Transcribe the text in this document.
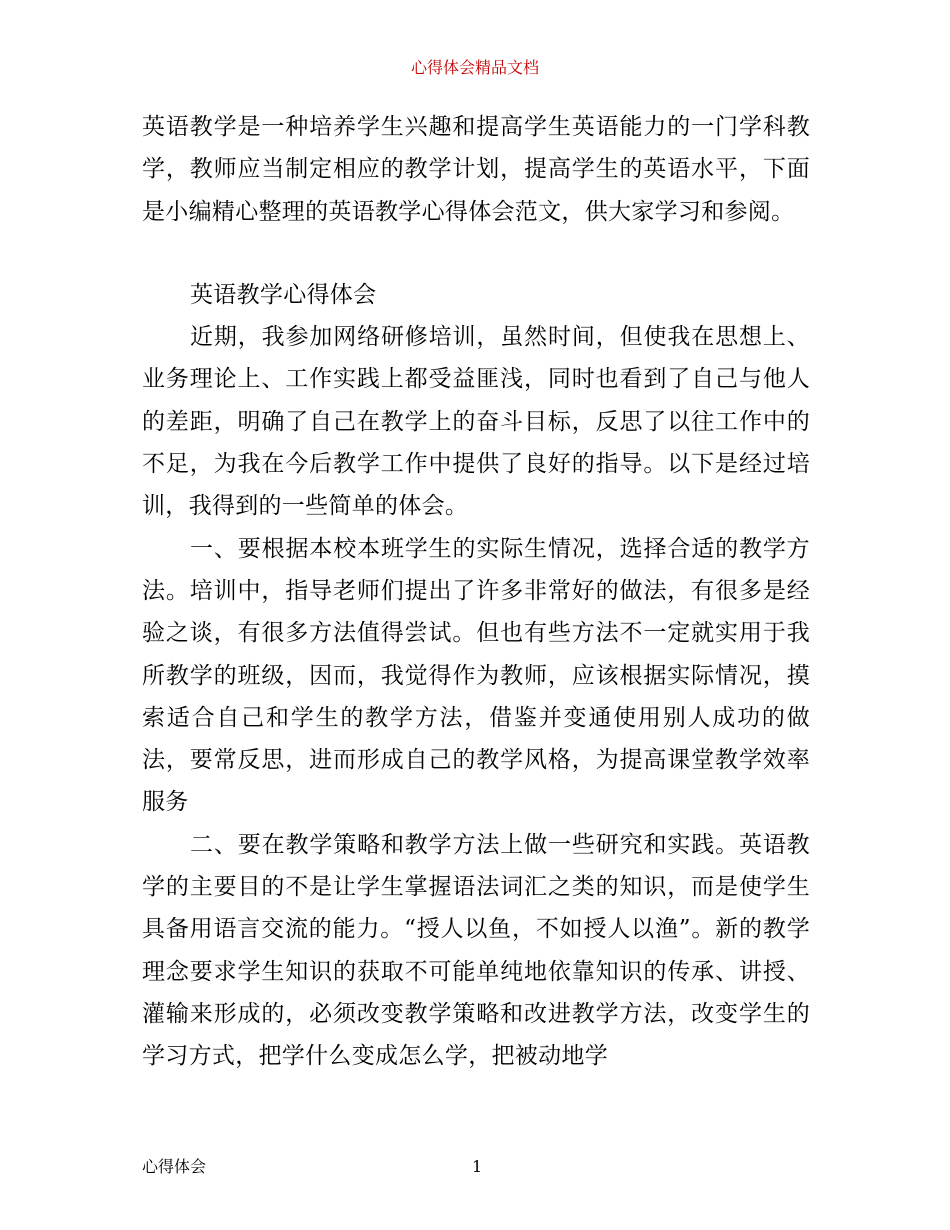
心得体会精品文档

英语教学是一种培养学生兴趣和提高学生英语能力的一门学科教学，教师应当制定相应的教学计划，提高学生的英语水平，下面是小编精心整理的英语教学心得体会范文，供大家学习和参阅。

英语教学心得体会

近期，我参加网络研修培训，虽然时间，但使我在思想上、业务理论上、工作实践上都受益匪浅，同时也看到了自己与他人的差距，明确了自己在教学上的奋斗目标，反思了以往工作中的不足，为我在今后教学工作中提供了良好的指导。以下是经过培训，我得到的一些简单的体会。

一、要根据本校本班学生的实际生情况，选择合适的教学方法。培训中，指导老师们提出了许多非常好的做法，有很多是经验之谈，有很多方法值得尝试。但也有些方法不一定就实用于我所教学的班级，因而，我觉得作为教师，应该根据实际情况，摸索适合自己和学生的教学方法，借鉴并变通使用别人成功的做法，要常反思，进而形成自己的教学风格，为提高课堂教学效率服务

二、要在教学策略和教学方法上做一些研究和实践。英语教学的主要目的不是让学生掌握语法词汇之类的知识，而是使学生具备用语言交流的能力。“授人以鱼，不如授人以渔”。新的教学理念要求学生知识的获取不可能单纯地依靠知识的传承、讲授、灌输来形成的，必须改变教学策略和改进教学方法，改变学生的学习方式，把学什么变成怎么学，把被动地学

心得体会	1
